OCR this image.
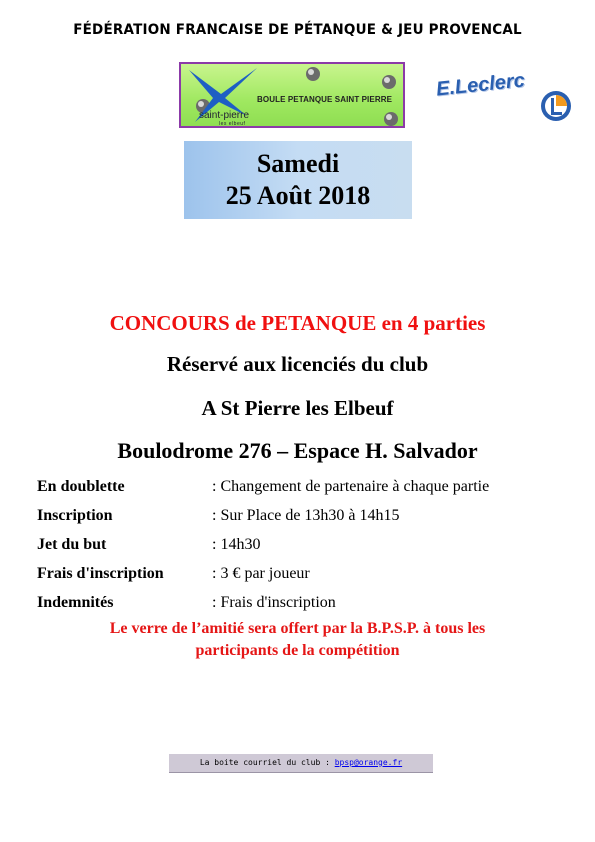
FÉDÉRATION FRANCAISE DE PÉTANQUE & JEU PROVENCAL
BOULE PETANQUE SAINT PIERRE
saint-pierre
les elbeuf
E.Leclerc
Samedi
25 Août 2018
CONCOURS de PETANQUE en 4 parties
Réservé aux licenciés du club
A St Pierre les Elbeuf
Boulodrome 276 – Espace H. Salvador
En doublette	: Changement de partenaire à chaque partie
Inscription	: Sur Place de 13h30 à 14h15
Jet du but	: 14h30
Frais d'inscription	: 3 € par joueur
Indemnités	: Frais d'inscription
Le verre de l’amitié sera offert par la B.P.S.P. à tous les
participants de la compétition
La boite courriel du club : bpsp@orange.fr
